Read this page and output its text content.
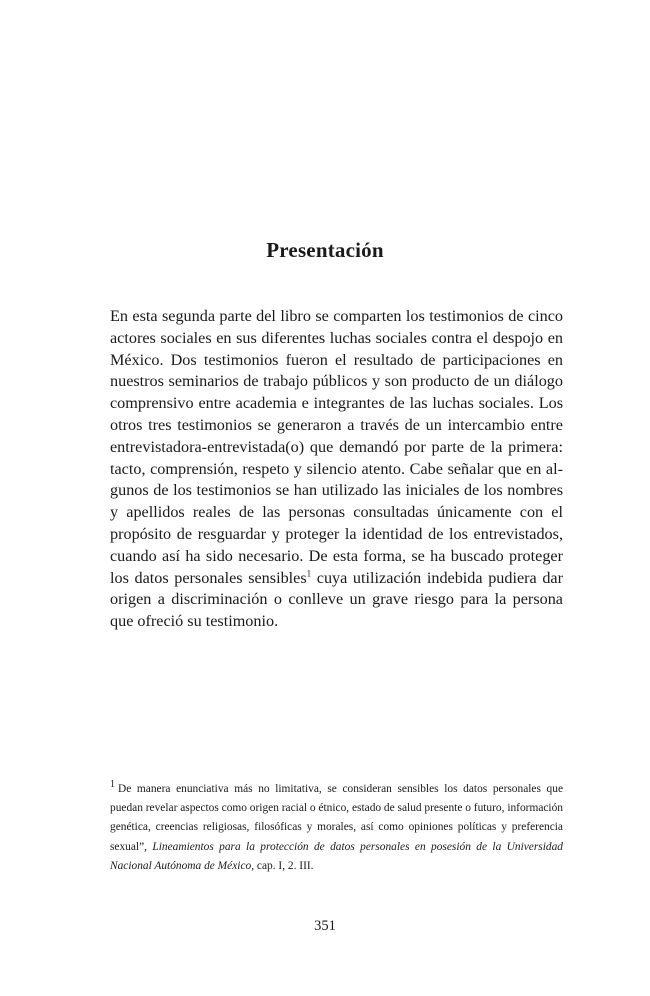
Presentación

En esta segunda parte del libro se comparten los testimonios de cinco actores sociales en sus diferentes luchas sociales contra el despojo en México. Dos testimonios fueron el resultado de participaciones en nuestros seminarios de trabajo públicos y son producto de un diálogo comprensivo entre academia e integrantes de las luchas sociales. Los otros tres testimonios se generaron a través de un intercambio entre entrevistadora-entrevistada(o) que demandó por parte de la primera: tacto, comprensión, respeto y silencio atento. Cabe señalar que en algunos de los testimonios se han utilizado las iniciales de los nombres y apellidos reales de las personas consultadas únicamente con el propósito de resguardar y proteger la identidad de los entrevistados, cuando así ha sido necesario. De esta forma, se ha buscado proteger los datos personales sensibles$^1$ cuya utilización indebida pudiera dar origen a discriminación o conlleve un grave riesgo para la persona que ofreció su testimonio.

1 De manera enunciativa más no limitativa, se consideran sensibles los datos personales que puedan revelar aspectos como origen racial o étnico, estado de salud presente o futuro, información genética, creencias religiosas, filosóficas y morales, así como opiniones políticas y preferencia sexual”, Lineamientos para la protección de datos personales en posesión de la Universidad Nacional Autónoma de México, cap. I, 2. III.

351
